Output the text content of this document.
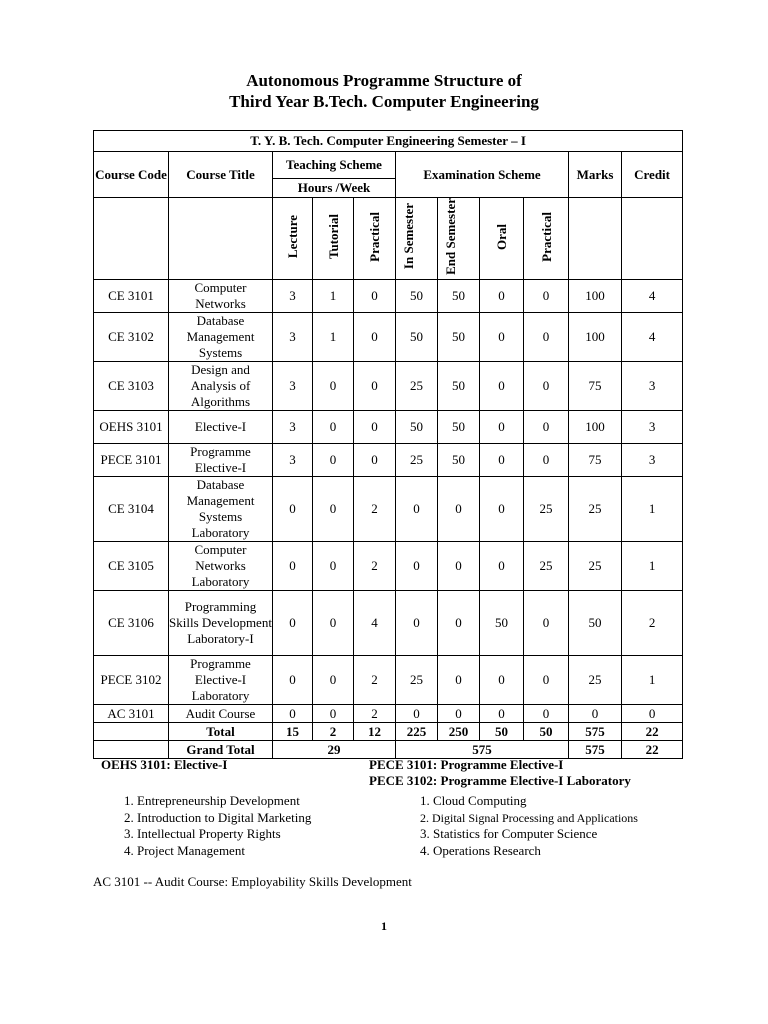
Autonomous Programme Structure of
Third Year B.Tech. Computer Engineering
T. Y. B. Tech. Computer Engineering Semester – I										
Course Code	Course Title	Teaching Scheme			Examination Scheme				Marks	Credit
		Hours /Week								
		Lecture	Tutorial	Practical	In Semester	End Semester	Oral	Practical		
CE 3101	Computer Networks	3	1	0	50	50	0	0	100	4
CE 3102	Database Management Systems	3	1	0	50	50	0	0	100	4
CE 3103	Design and Analysis of Algorithms	3	0	0	25	50	0	0	75	3
OEHS 3101	Elective-I	3	0	0	50	50	0	0	100	3
PECE 3101	Programme Elective-I	3	0	0	25	50	0	0	75	3
CE 3104	Database Management Systems Laboratory	0	0	2	0	0	0	25	25	1
CE 3105	Computer Networks Laboratory	0	0	2	0	0	0	25	25	1
CE 3106	Programming Skills Development Laboratory-I	0	0	4	0	0	50	0	50	2
PECE 3102	Programme Elective-I Laboratory	0	0	2	25	0	0	0	25	1
AC 3101	Audit Course	0	0	2	0	0	0	0	0	0
	Total	15	2	12	225	250	50	50	575	22
	Grand Total	29			575				575	22
OEHS 3101: Elective-I
1. Entrepreneurship Development
2. Introduction to Digital Marketing
3. Intellectual Property Rights
4. Project Management
PECE 3101: Programme Elective-I
PECE 3102: Programme Elective-I Laboratory
1. Cloud Computing
2. Digital Signal Processing and Applications
3. Statistics for Computer Science
4. Operations Research
AC 3101 -- Audit Course: Employability Skills Development
1
